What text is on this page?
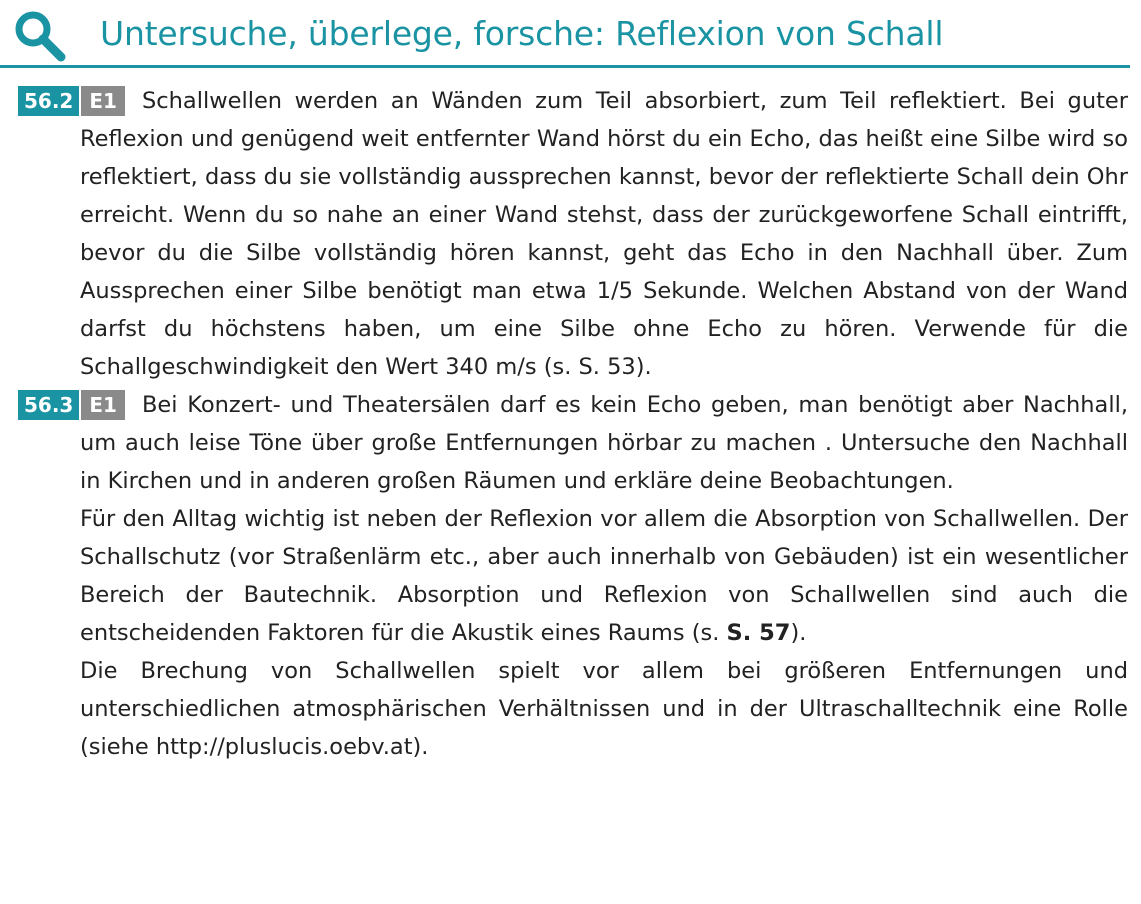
Untersuche, überlege, forsche: Reflexion von Schall
56.2 E1	Schallwellen werden an Wänden zum Teil absorbiert, zum Teil reflektiert. Bei guter Reflexion und genügend weit entfernter Wand hörst du ein Echo, das heißt eine Silbe wird so reflektiert, dass du sie vollständig aussprechen kannst, bevor der reflektierte Schall dein Ohr erreicht. Wenn du so nahe an einer Wand stehst, dass der zurückgeworfene Schall eintrifft, bevor du die Silbe vollständig hören kannst, geht das Echo in den Nachhall über. Zum Aussprechen einer Silbe benötigt man etwa 1/5 Sekunde. Welchen Abstand von der Wand darfst du höchstens haben, um eine Silbe ohne Echo zu hören. Verwende für die Schallgeschwindigkeit den Wert 340 m/s (s. S. 53).

56.3 E1	Bei Konzert- und Theatersälen darf es kein Echo geben, man benötigt aber Nachhall, um auch leise Töne über große Entfernungen hörbar zu machen . Untersuche den Nachhall in Kirchen und in anderen großen Räumen und erkläre deine Beobachtungen.

Für den Alltag wichtig ist neben der Reflexion vor allem die Absorption von Schallwellen. Der Schallschutz (vor Straßenlärm etc., aber auch innerhalb von Gebäuden) ist ein wesentlicher Bereich der Bautechnik. Absorption und Reflexion von Schallwellen sind auch die entscheidenden Faktoren für die Akustik eines Raums (s. S. 57).

Die Brechung von Schallwellen spielt vor allem bei größeren Entfernungen und unterschiedlichen atmosphärischen Verhältnissen und in der Ultraschalltechnik eine Rolle (siehe http://pluslucis.oebv.at).
